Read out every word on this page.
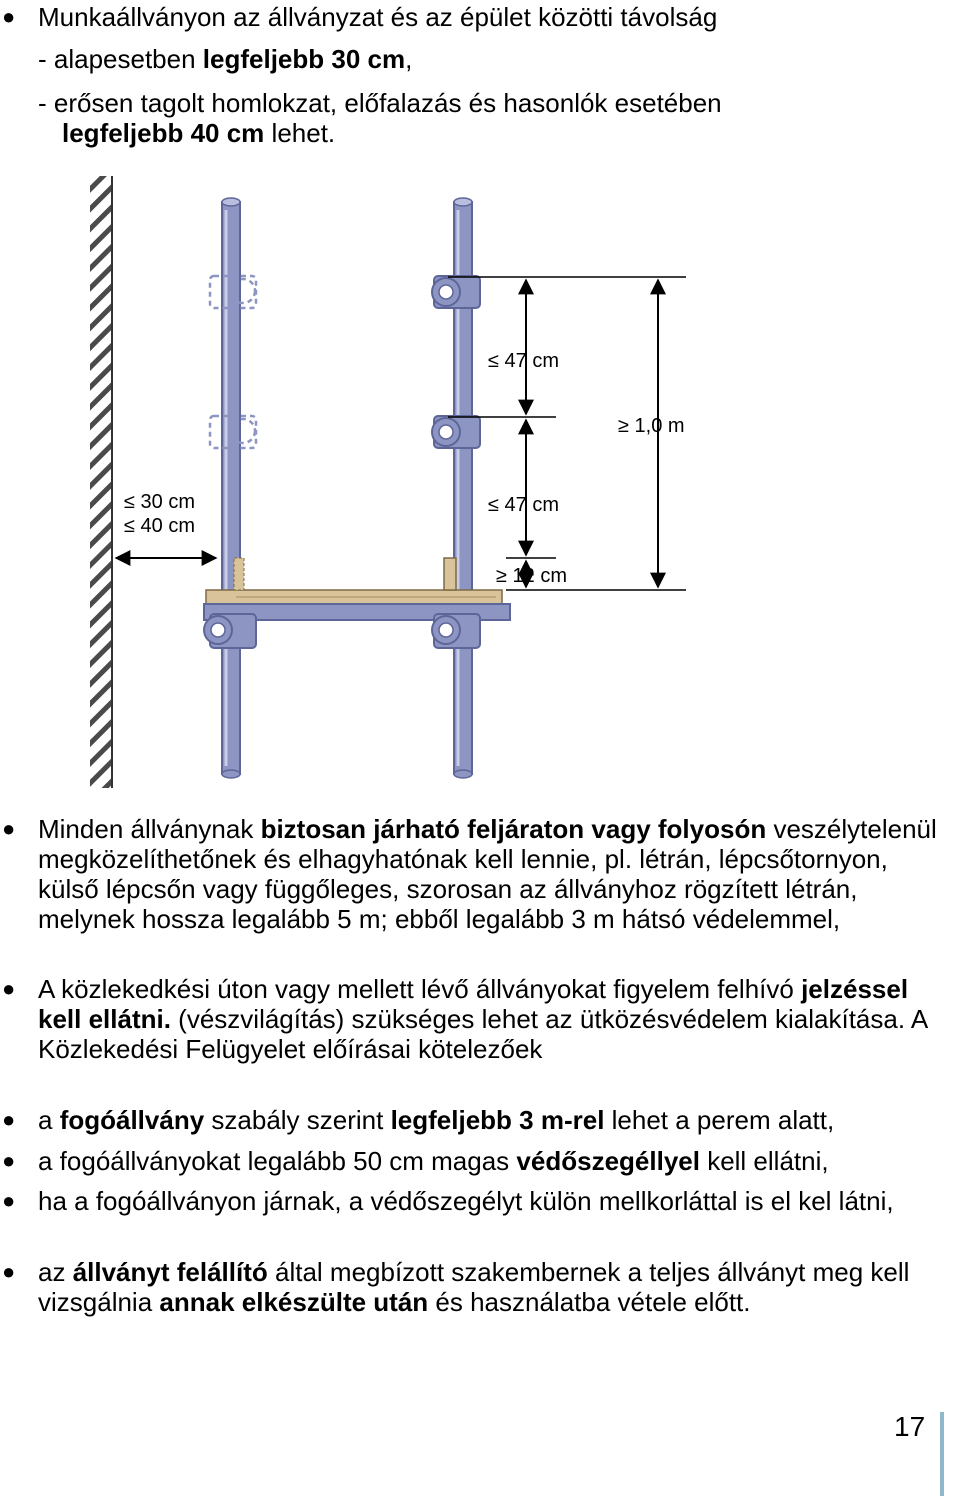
● Munkaállványon az állványzat és az épület közötti távolság
- alapesetben legfeljebb 30 cm,
- erősen tagolt homlokzat, előfalazás és hasonlók esetében
legfeljebb 40 cm lehet.
≤ 30 cm
≤ 40 cm
≤ 47 cm
≤ 47 cm
≥ 12 cm
≥ 1,0 m
● Minden állványnak biztosan járható feljáraton vagy folyosón veszélytelenül megközelíthetőnek és elhagyhatónak kell lennie, pl. létrán, lépcsőtornyon, külső lépcsőn vagy függőleges, szorosan az állványhoz rögzített létrán, melynek hossza legalább 5 m; ebből legalább 3 m hátsó védelemmel,
● A közlekedkési úton vagy mellett lévő állványokat figyelem felhívó jelzéssel kell ellátni. (vészvilágítás) szükséges lehet az ütközésvédelem kialakítása. A Közlekedési Felügyelet előírásai kötelezőek
● a fogóállvány szabály szerint legfeljebb 3 m-rel lehet a perem alatt,
● a fogóállványokat legalább 50 cm magas védőszegéllyel kell ellátni,
● ha a fogóállványon járnak, a védőszegélyt külön mellkorláttal is el kel látni,
● az állványt felállító által megbízott szakembernek a teljes állványt meg kell vizsgálnia annak elkészülte után és használatba vétele előtt.
17
